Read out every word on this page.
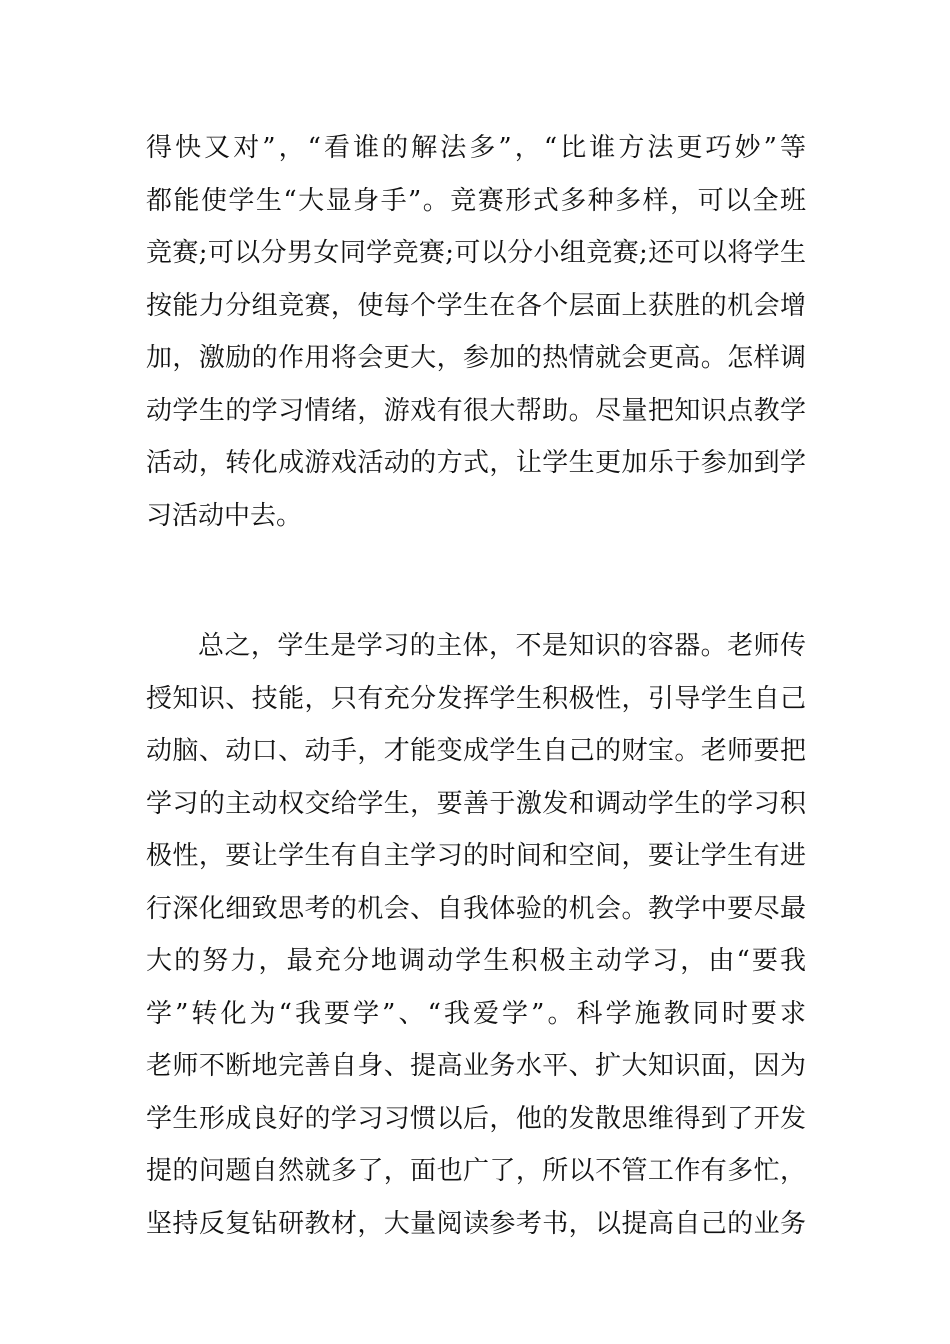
得快又对”，“看谁的解法多”，“比谁方法更巧妙”等
都能使学生“大显身手”。竞赛形式多种多样，可以全班
竞赛;可以分男女同学竞赛;可以分小组竞赛;还可以将学生
按能力分组竞赛，使每个学生在各个层面上获胜的机会增
加，激励的作用将会更大，参加的热情就会更高。怎样调
动学生的学习情绪，游戏有很大帮助。尽量把知识点教学
活动，转化成游戏活动的方式，让学生更加乐于参加到学
习活动中去。
总之，学生是学习的主体，不是知识的容器。老师传
授知识、技能，只有充分发挥学生积极性，引导学生自己
动脑、动口、动手，才能变成学生自己的财宝。老师要把
学习的主动权交给学生，要善于激发和调动学生的学习积
极性，要让学生有自主学习的时间和空间，要让学生有进
行深化细致思考的机会、自我体验的机会。教学中要尽最
大的努力，最充分地调动学生积极主动学习，由“要我
学”转化为“我要学”、“我爱学”。科学施教同时要求
老师不断地完善自身、提高业务水平、扩大知识面，因为
学生形成良好的学习习惯以后，他的发散思维得到了开发
提的问题自然就多了，面也广了，所以不管工作有多忙，
坚持反复钻研教材，大量阅读参考书，以提高自己的业务
